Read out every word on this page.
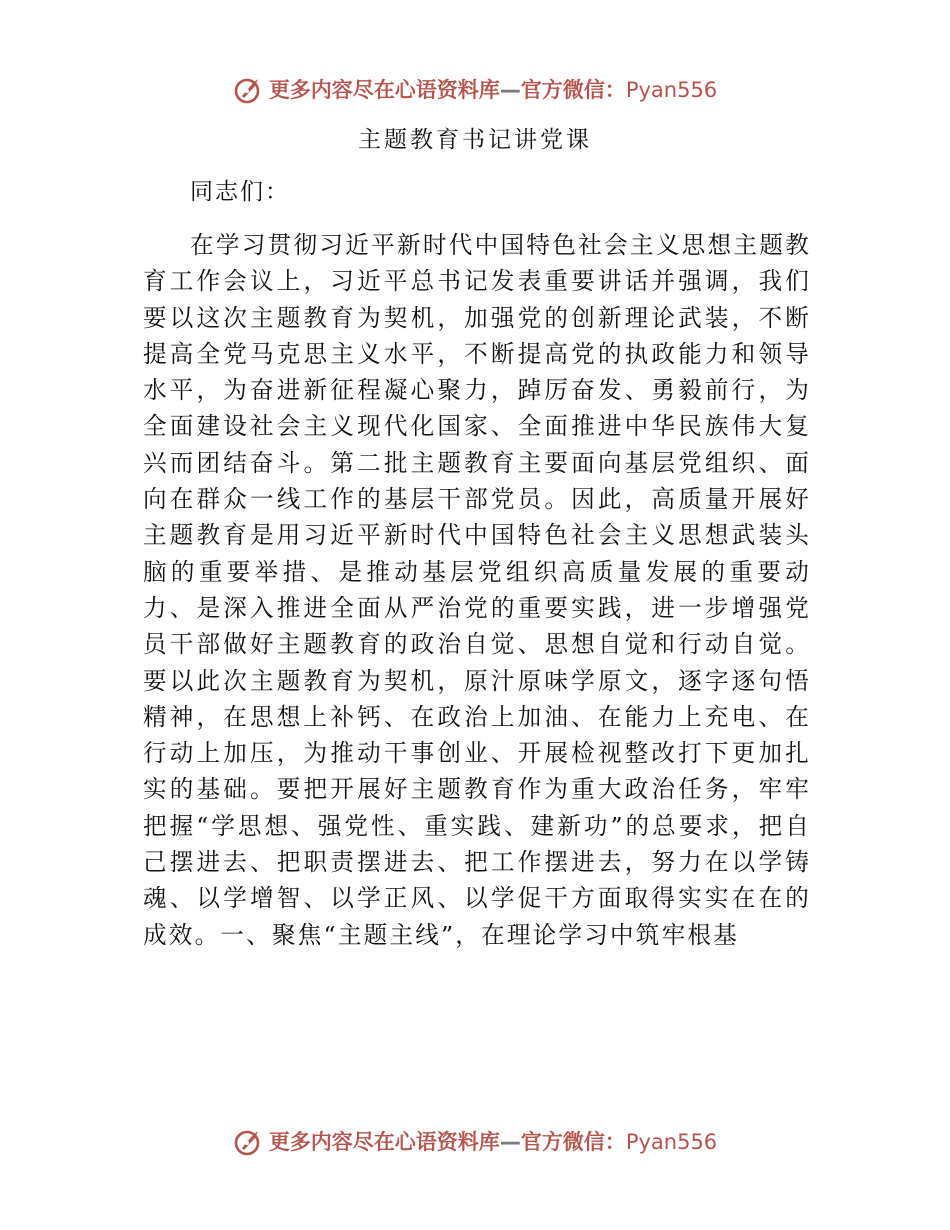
更多内容尽在心语资料库—官方微信：Pyan556
主题教育书记讲党课
同志们：

在学习贯彻习近平新时代中国特色社会主义思想主题教育工作会议上，习近平总书记发表重要讲话并强调，我们要以这次主题教育为契机，加强党的创新理论武装，不断提高全党马克思主义水平，不断提高党的执政能力和领导水平，为奋进新征程凝心聚力，踔厉奋发、勇毅前行，为全面建设社会主义现代化国家、全面推进中华民族伟大复兴而团结奋斗。第二批主题教育主要面向基层党组织、面向在群众一线工作的基层干部党员。因此，高质量开展好主题教育是用习近平新时代中国特色社会主义思想武装头脑的重要举措、是推动基层党组织高质量发展的重要动力、是深入推进全面从严治党的重要实践，进一步增强党员干部做好主题教育的政治自觉、思想自觉和行动自觉。要以此次主题教育为契机，原汁原味学原文，逐字逐句悟精神，在思想上补钙、在政治上加油、在能力上充电、在行动上加压，为推动干事创业、开展检视整改打下更加扎实的基础。要把开展好主题教育作为重大政治任务，牢牢把握“学思想、强党性、重实践、建新功”的总要求，把自己摆进去、把职责摆进去、把工作摆进去，努力在以学铸魂、以学增智、以学正风、以学促干方面取得实实在在的成效。一、聚焦“主题主线”，在理论学习中筑牢根基

更多内容尽在心语资料库—官方微信：Pyan556
